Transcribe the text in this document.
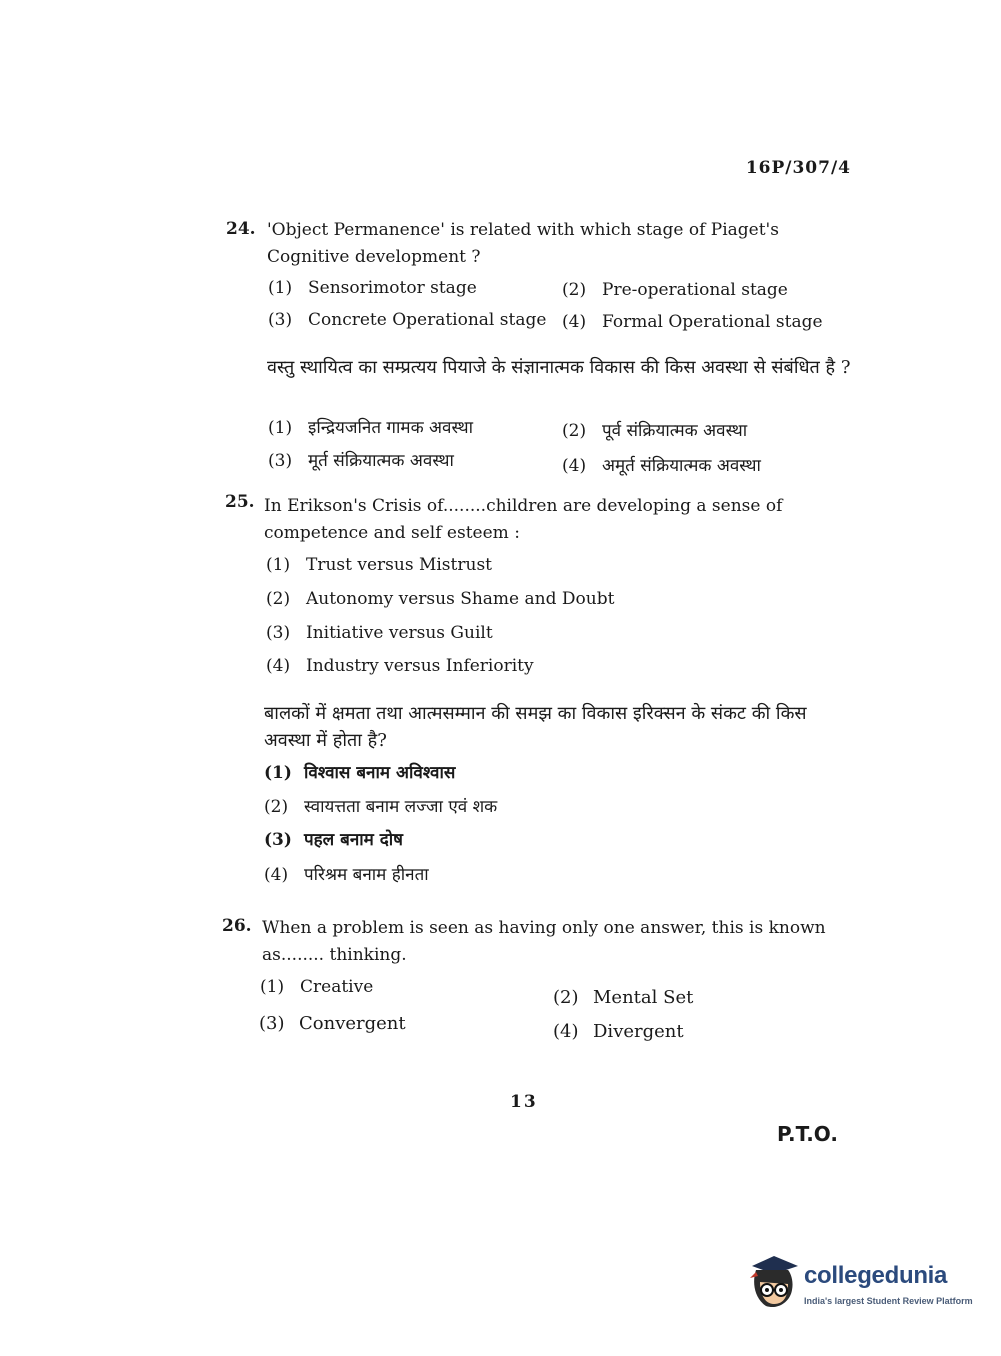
16P/307/4
24. 'Object Permanence' is related with which stage of Piaget's Cognitive development ?
(1) Sensorimotor stage	(2) Pre-operational stage
(3) Concrete Operational stage (4) Formal Operational stage
वस्तु स्थायित्व का सम्प्रत्यय पियाजे के संज्ञानात्मक विकास की किस अवस्था से संबंधित है ?
(1) इन्द्रियजनित गामक अवस्था	(2) पूर्व संक्रियात्मक अवस्था
(3) मूर्त संक्रियात्मक अवस्था	(4) अमूर्त संक्रियात्मक अवस्था
25. In Erikson's Crisis of........children are developing a sense of competence and self esteem :
(1) Trust versus Mistrust
(2) Autonomy versus Shame and Doubt
(3) Initiative versus Guilt
(4) Industry versus Inferiority
बालकों में क्षमता तथा आत्मसम्मान की समझ का विकास इरिक्सन के संकट की किस अवस्था में होता है?
(1) विश्वास बनाम अविश्वास
(2) स्वायत्तता बनाम लज्जा एवं शक
(3) पहल बनाम दोष
(4) परिश्रम बनाम हीनता
26. When a problem is seen as having only one answer, this is known as........ thinking.
(1) Creative	(2) Mental Set
(3) Convergent	(4) Divergent
13
P.T.O.
collegedunia
India's largest Student Review Platform
